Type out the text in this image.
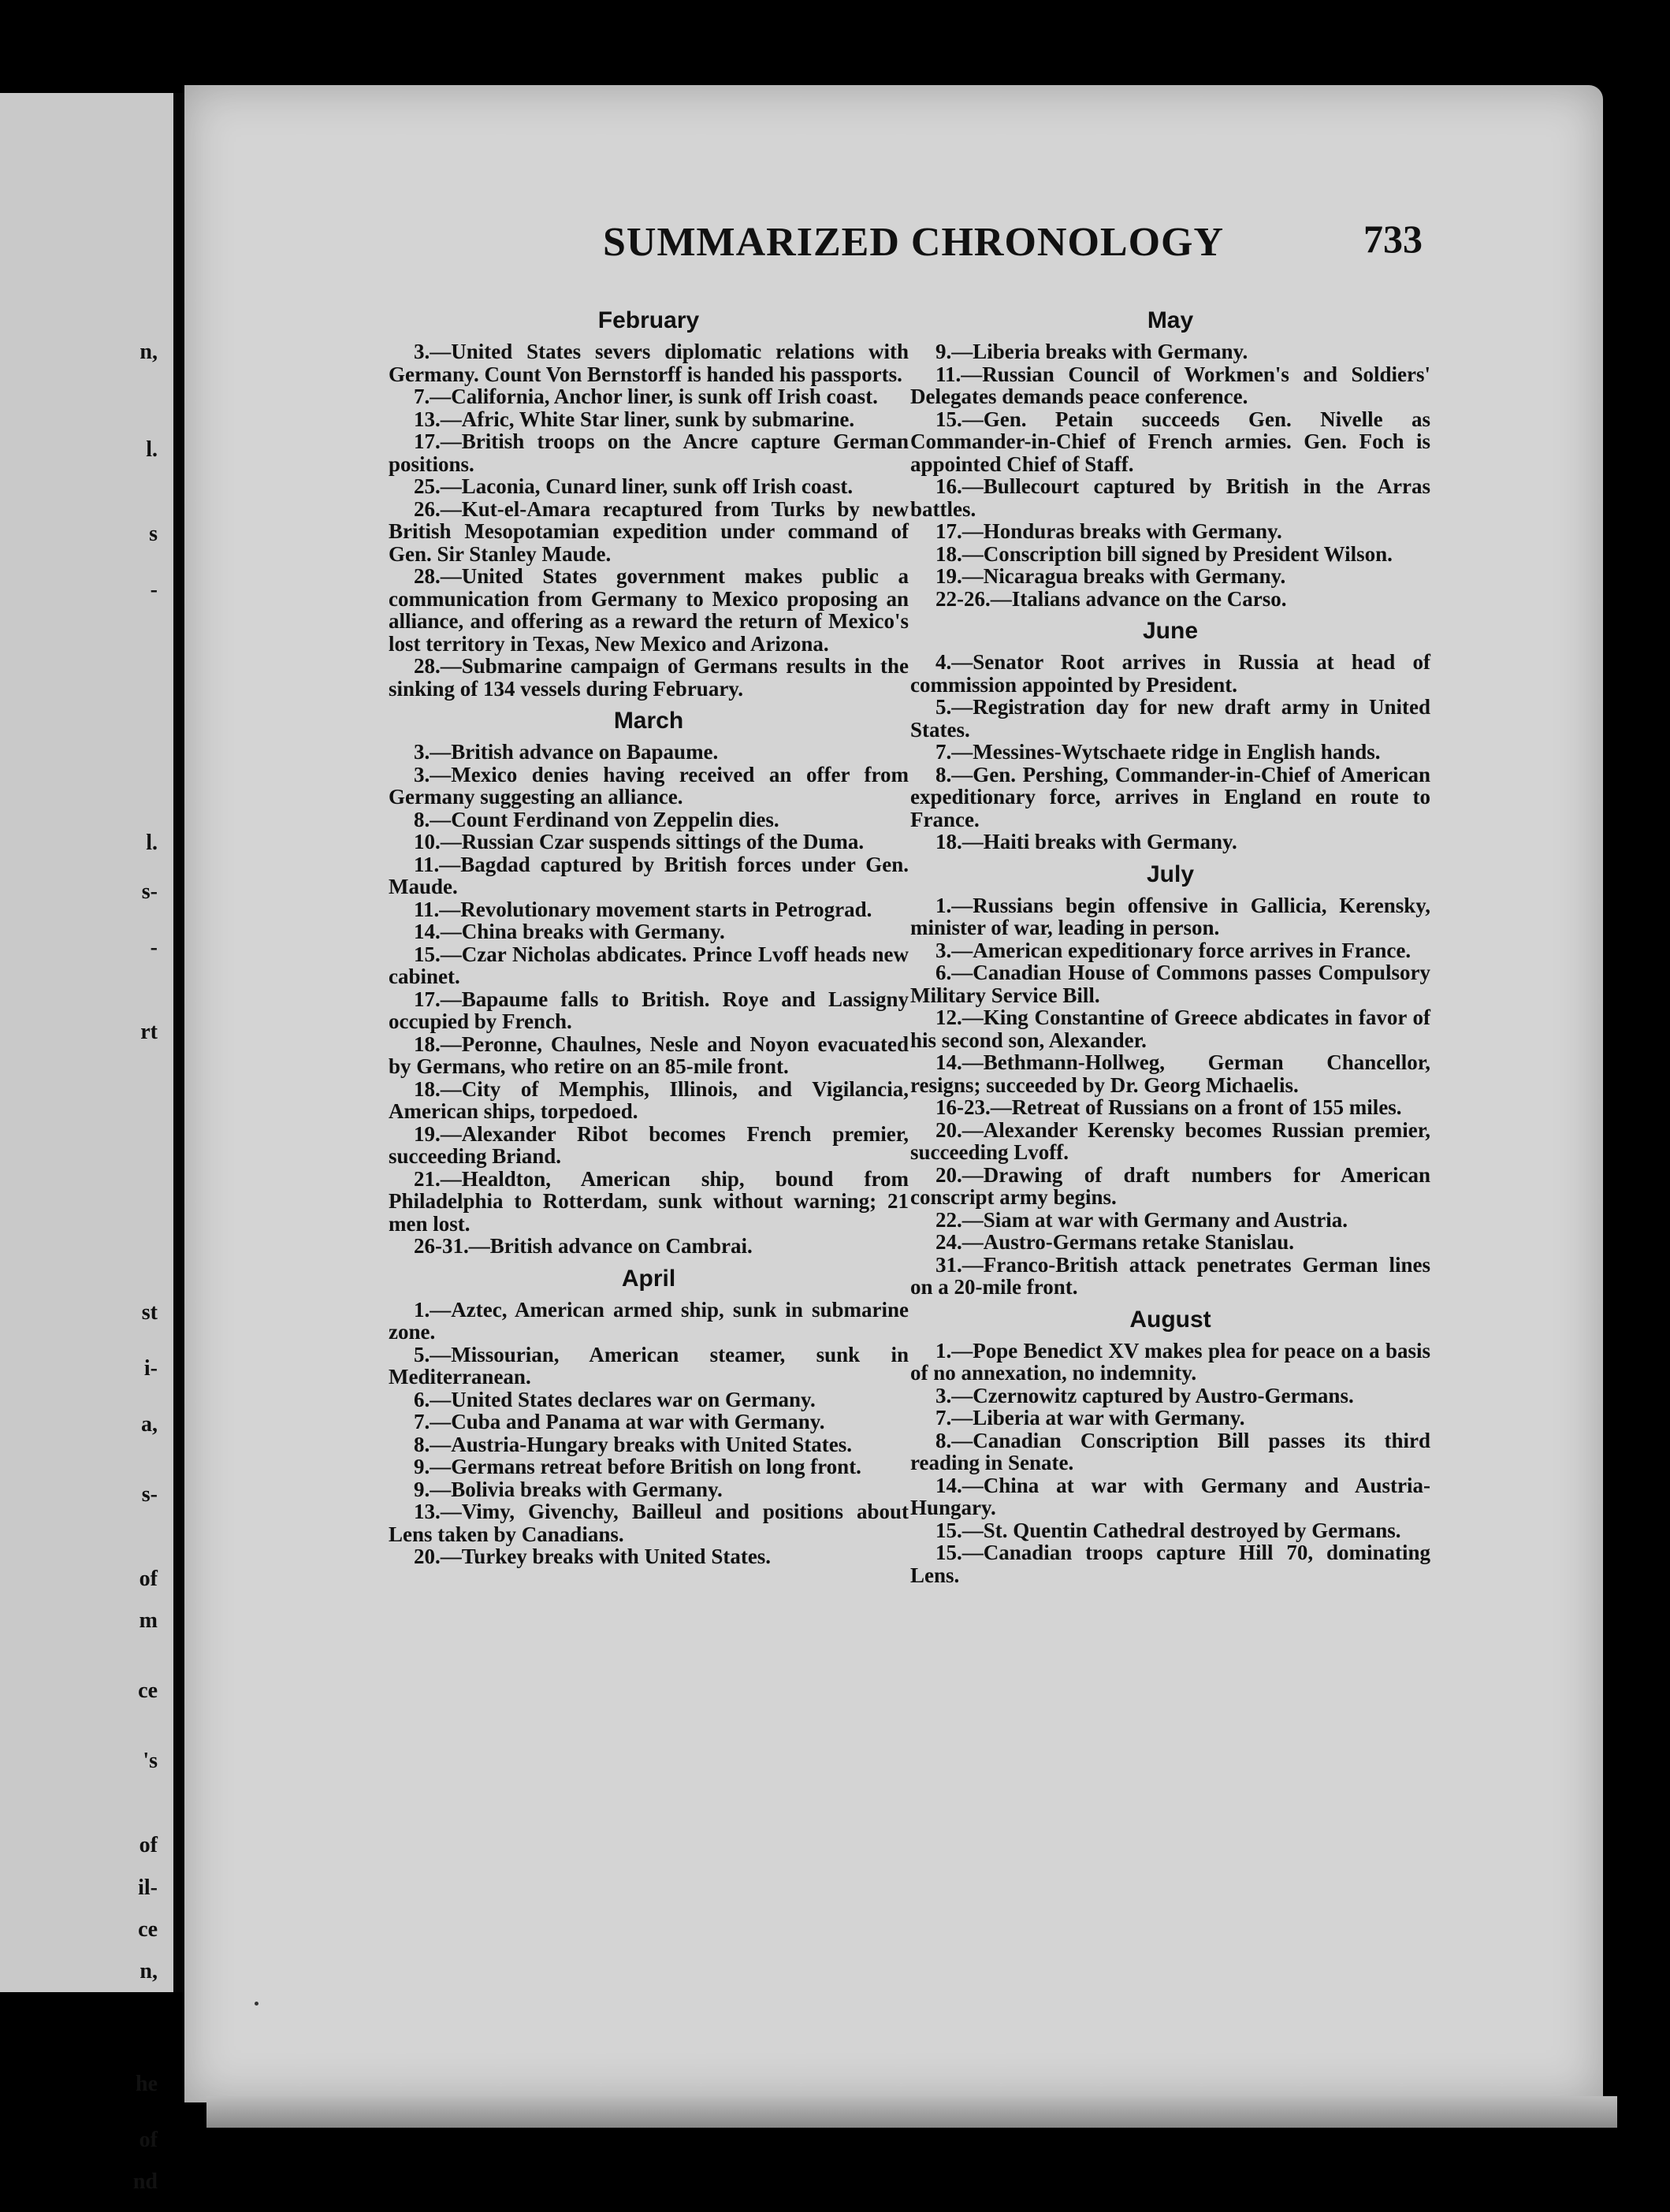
n,
l.
s
-
l.
s-
-
rt
st
i-
a,
s-
of
m
ce
's
of
il-
ce
n,
he
of
nd
SUMMARIZED CHRONOLOGY	733
February

3.—United States severs diplomatic relations with Germany. Count Von Bernstorff is handed his passports.

7.—California, Anchor liner, is sunk off Irish coast.

13.—Afric, White Star liner, sunk by submarine.

17.—British troops on the Ancre capture German positions.

25.—Laconia, Cunard liner, sunk off Irish coast.

26.—Kut-el-Amara recaptured from Turks by new British Mesopotamian expedition under command of Gen. Sir Stanley Maude.

28.—United States government makes public a communication from Germany to Mexico proposing an alliance, and offering as a reward the return of Mexico's lost territory in Texas, New Mexico and Arizona.

28.—Submarine campaign of Germans results in the sinking of 134 vessels during February.

March

3.—British advance on Bapaume.

3.—Mexico denies having received an offer from Germany suggesting an alliance.

8.—Count Ferdinand von Zeppelin dies.

10.—Russian Czar suspends sittings of the Duma.

11.—Bagdad captured by British forces under Gen. Maude.

11.—Revolutionary movement starts in Petrograd.

14.—China breaks with Germany.

15.—Czar Nicholas abdicates. Prince Lvoff heads new cabinet.

17.—Bapaume falls to British. Roye and Lassigny occupied by French.

18.—Peronne, Chaulnes, Nesle and Noyon evacuated by Germans, who retire on an 85-mile front.

18.—City of Memphis, Illinois, and Vigilancia, American ships, torpedoed.

19.—Alexander Ribot becomes French premier, succeeding Briand.

21.—Healdton, American ship, bound from Philadelphia to Rotterdam, sunk without warning; 21 men lost.

26-31.—British advance on Cambrai.

April

1.—Aztec, American armed ship, sunk in submarine zone.

5.—Missourian, American steamer, sunk in Mediterranean.

6.—United States declares war on Germany.

7.—Cuba and Panama at war with Germany.

8.—Austria-Hungary breaks with United States.

9.—Germans retreat before British on long front.

9.—Bolivia breaks with Germany.

13.—Vimy, Givenchy, Bailleul and positions about Lens taken by Canadians.

20.—Turkey breaks with United States.

May

9.—Liberia breaks with Germany.

11.—Russian Council of Workmen's and Soldiers' Delegates demands peace conference.

15.—Gen. Petain succeeds Gen. Nivelle as Commander-in-Chief of French armies. Gen. Foch is appointed Chief of Staff.

16.—Bullecourt captured by British in the Arras battles.

17.—Honduras breaks with Germany.

18.—Conscription bill signed by President Wilson.

19.—Nicaragua breaks with Germany.

22-26.—Italians advance on the Carso.

June

4.—Senator Root arrives in Russia at head of commission appointed by President.

5.—Registration day for new draft army in United States.

7.—Messines-Wytschaete ridge in English hands.

8.—Gen. Pershing, Commander-in-Chief of American expeditionary force, arrives in England en route to France.

18.—Haiti breaks with Germany.

July

1.—Russians begin offensive in Gallicia, Kerensky, minister of war, leading in person.

3.—American expeditionary force arrives in France.

6.—Canadian House of Commons passes Compulsory Military Service Bill.

12.—King Constantine of Greece abdicates in favor of his second son, Alexander.

14.—Bethmann-Hollweg, German Chancellor, resigns; succeeded by Dr. Georg Michaelis.

16-23.—Retreat of Russians on a front of 155 miles.

20.—Alexander Kerensky becomes Russian premier, succeeding Lvoff.

20.—Drawing of draft numbers for American conscript army begins.

22.—Siam at war with Germany and Austria.

24.—Austro-Germans retake Stanislau.

31.—Franco-British attack penetrates German lines on a 20-mile front.

August

1.—Pope Benedict XV makes plea for peace on a basis of no annexation, no indemnity.

3.—Czernowitz captured by Austro-Germans.

7.—Liberia at war with Germany.

8.—Canadian Conscription Bill passes its third reading in Senate.

14.—China at war with Germany and Austria-Hungary.

15.—St. Quentin Cathedral destroyed by Germans.

15.—Canadian troops capture Hill 70, dominating Lens.
